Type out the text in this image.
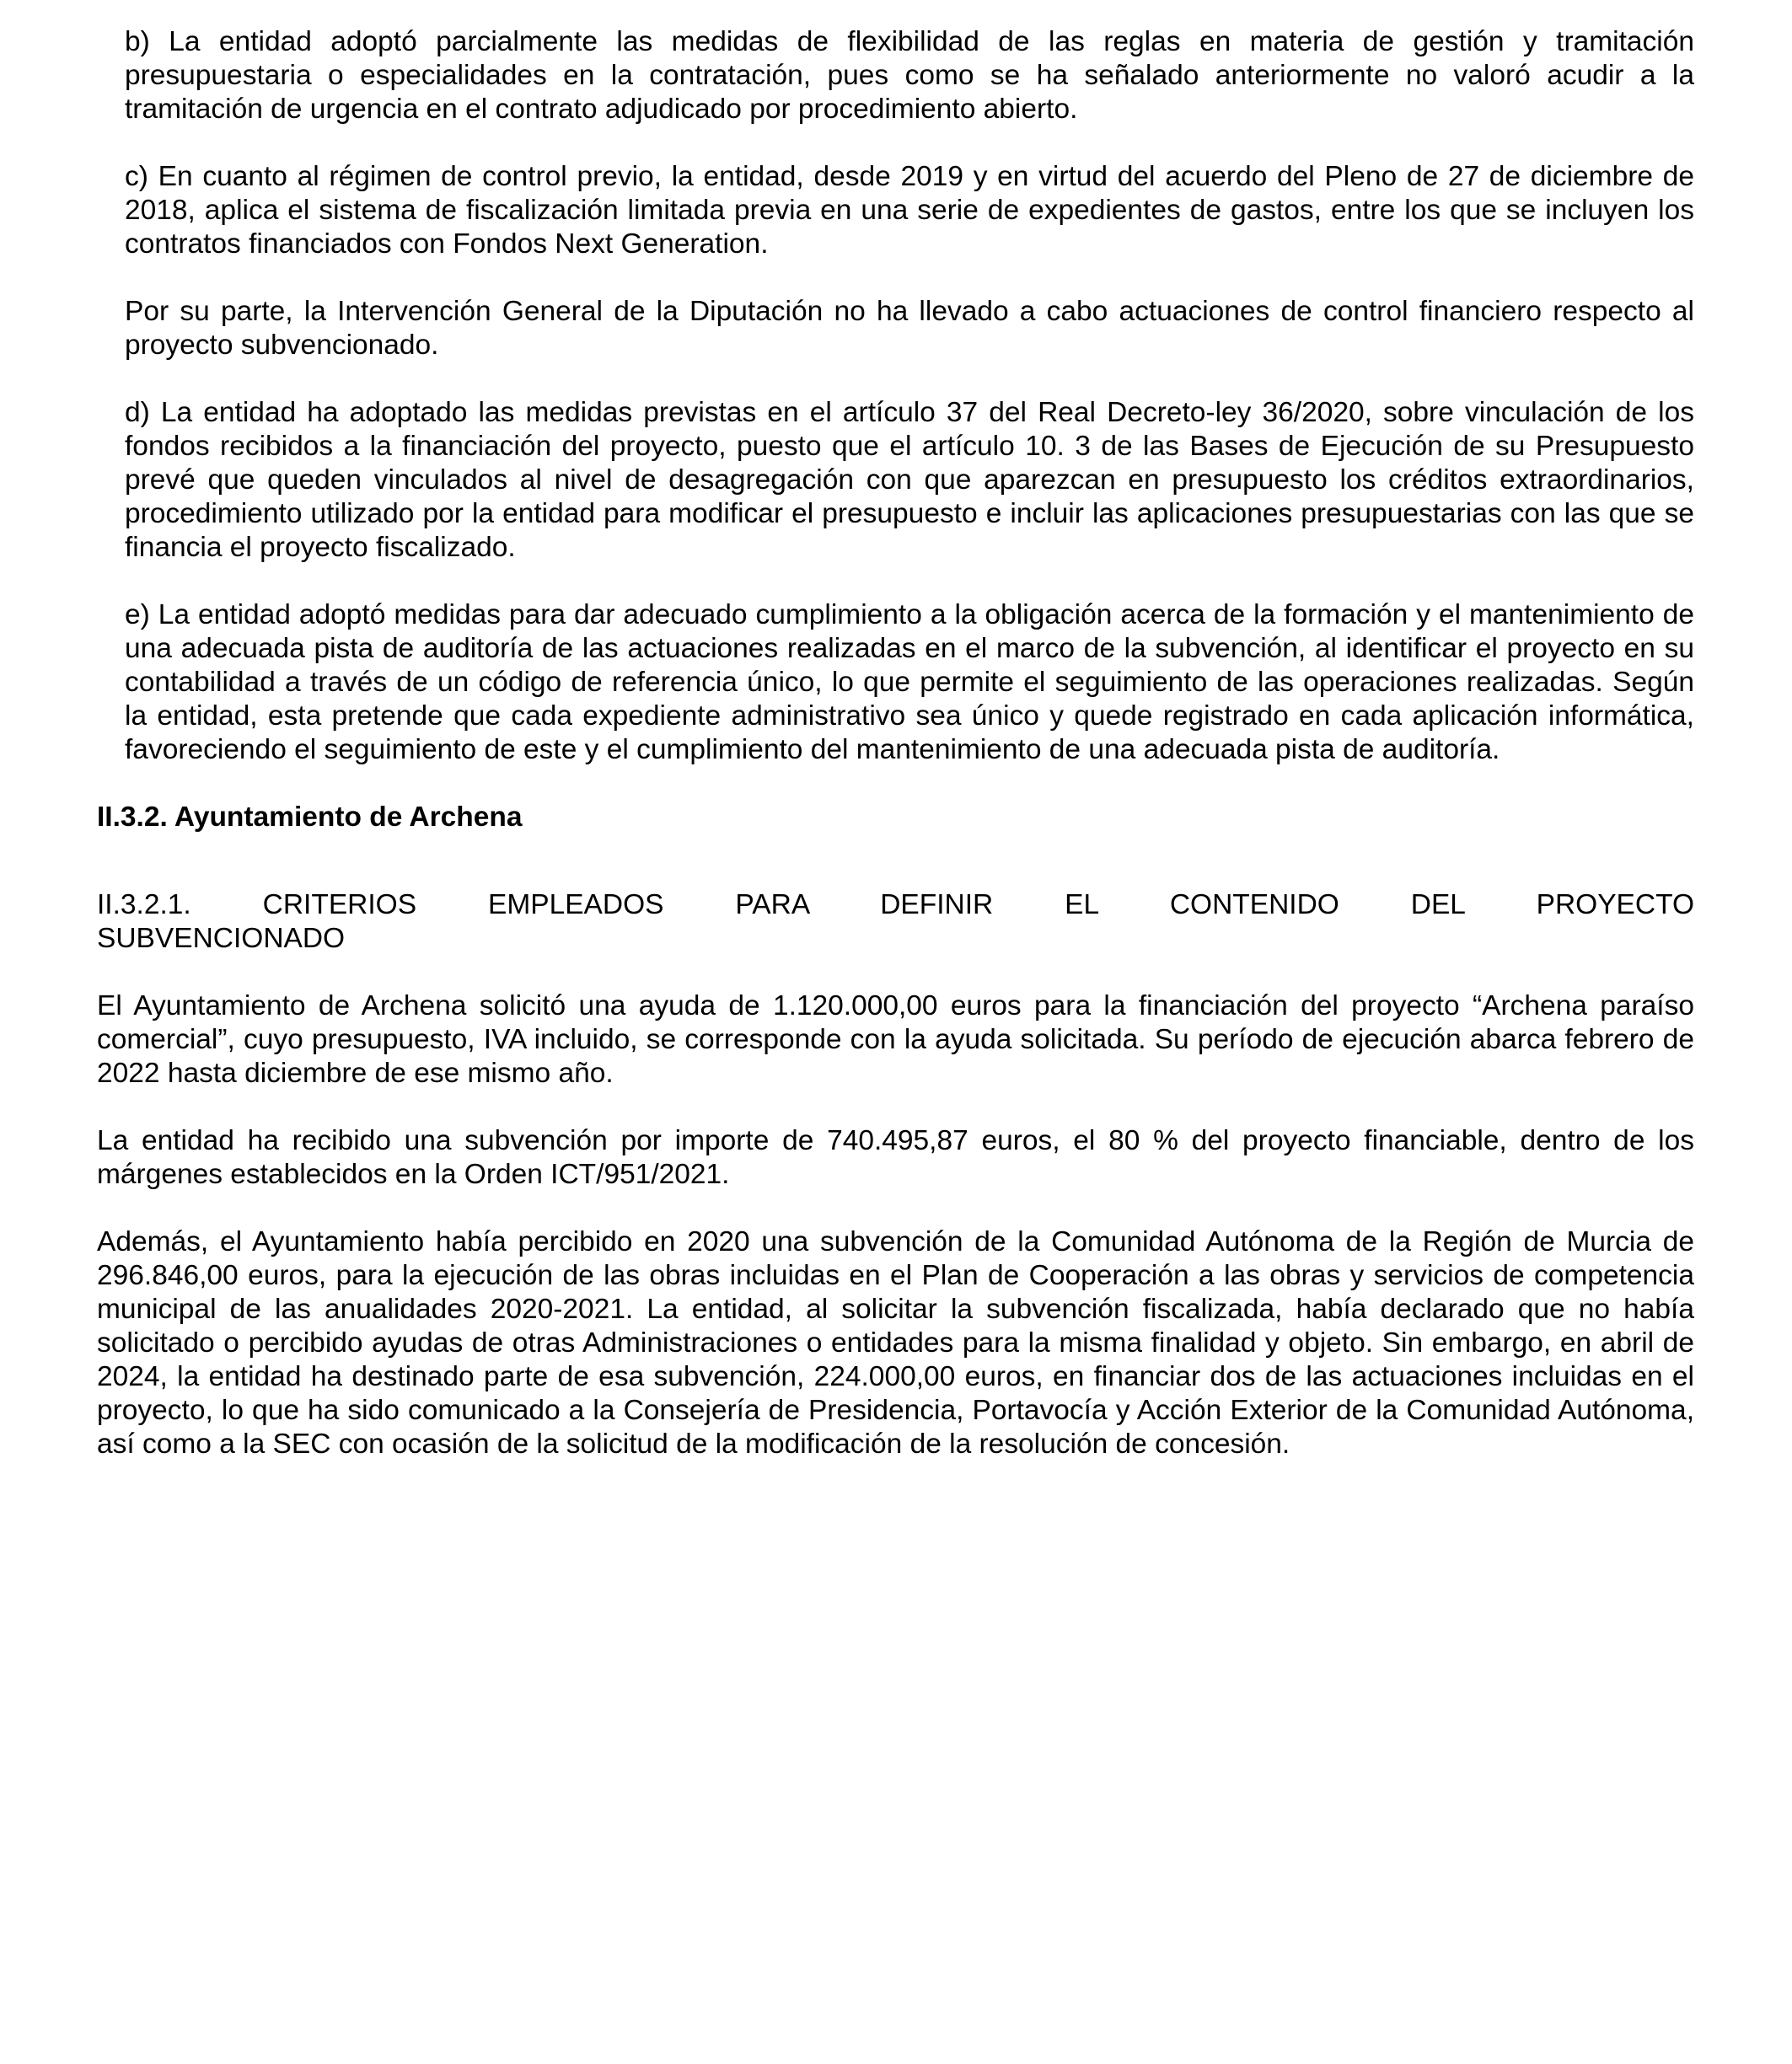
b) La entidad adoptó parcialmente las medidas de flexibilidad de las reglas en materia de gestión y tramitación presupuestaria o especialidades en la contratación, pues como se ha señalado anteriormente no valoró acudir a la tramitación de urgencia en el contrato adjudicado por procedimiento abierto.

c) En cuanto al régimen de control previo, la entidad, desde 2019 y en virtud del acuerdo del Pleno de 27 de diciembre de 2018, aplica el sistema de fiscalización limitada previa en una serie de expedientes de gastos, entre los que se incluyen los contratos financiados con Fondos Next Generation.

Por su parte, la Intervención General de la Diputación no ha llevado a cabo actuaciones de control financiero respecto al proyecto subvencionado.

d) La entidad ha adoptado las medidas previstas en el artículo 37 del Real Decreto-ley 36/2020, sobre vinculación de los fondos recibidos a la financiación del proyecto, puesto que el artículo 10. 3 de las Bases de Ejecución de su Presupuesto prevé que queden vinculados al nivel de desagregación con que aparezcan en presupuesto los créditos extraordinarios, procedimiento utilizado por la entidad para modificar el presupuesto e incluir las aplicaciones presupuestarias con las que se financia el proyecto fiscalizado.

e) La entidad adoptó medidas para dar adecuado cumplimiento a la obligación acerca de la formación y el mantenimiento de una adecuada pista de auditoría de las actuaciones realizadas en el marco de la subvención, al identificar el proyecto en su contabilidad a través de un código de referencia único, lo que permite el seguimiento de las operaciones realizadas. Según la entidad, esta pretende que cada expediente administrativo sea único y quede registrado en cada aplicación informática, favoreciendo el seguimiento de este y el cumplimiento del mantenimiento de una adecuada pista de auditoría.

II.3.2. Ayuntamiento de Archena
II.3.2.1. CRITERIOS EMPLEADOS PARA DEFINIR EL CONTENIDO DEL PROYECTO
SUBVENCIONADO

El Ayuntamiento de Archena solicitó una ayuda de 1.120.000,00 euros para la financiación del proyecto “Archena paraíso comercial”, cuyo presupuesto, IVA incluido, se corresponde con la ayuda solicitada. Su período de ejecución abarca febrero de 2022 hasta diciembre de ese mismo año.

La entidad ha recibido una subvención por importe de 740.495,87 euros, el 80 % del proyecto financiable, dentro de los márgenes establecidos en la Orden ICT/951/2021.

Además, el Ayuntamiento había percibido en 2020 una subvención de la Comunidad Autónoma de la Región de Murcia de 296.846,00 euros, para la ejecución de las obras incluidas en el Plan de Cooperación a las obras y servicios de competencia municipal de las anualidades 2020-2021. La entidad, al solicitar la subvención fiscalizada, había declarado que no había solicitado o percibido ayudas de otras Administraciones o entidades para la misma finalidad y objeto. Sin embargo, en abril de 2024, la entidad ha destinado parte de esa subvención, 224.000,00 euros, en financiar dos de las actuaciones incluidas en el proyecto, lo que ha sido comunicado a la Consejería de Presidencia, Portavocía y Acción Exterior de la Comunidad Autónoma, así como a la SEC con ocasión de la solicitud de la modificación de la resolución de concesión.
